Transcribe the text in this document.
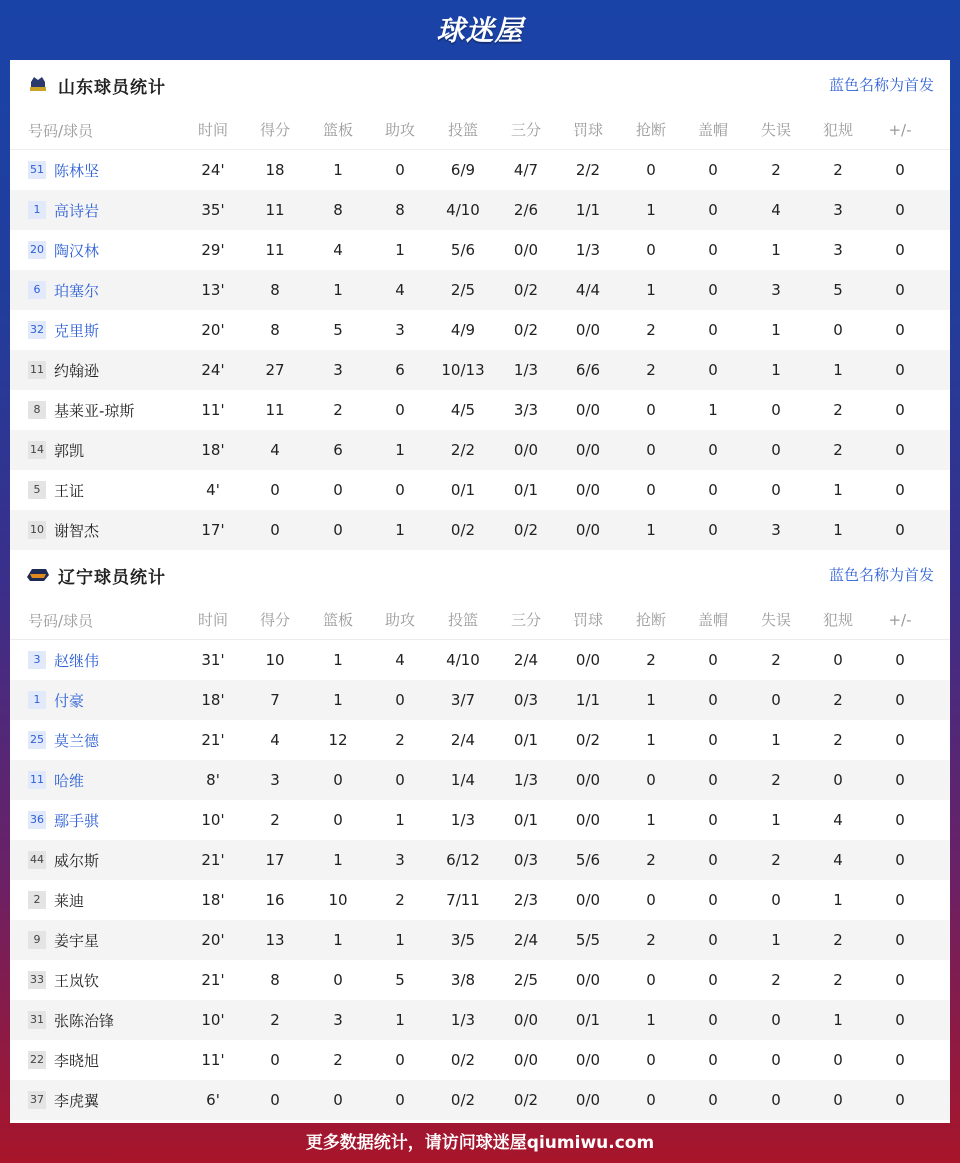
球迷屋
山东球员统计	蓝色名称为首发
号码/球员	时间 得分 篮板 助攻 投篮 三分 罚球 抢断 盖帽 失误 犯规 +/-
51 陈林坚	24'	18	1	0	6/9	4/7	2/2	0	0	2	2	0
1 高诗岩	35'	11	8	8	4/10 2/6	1/1	1	0	4	3	0
20 陶汉林	29'	11	4	1	5/6	0/0	1/3	0	0	1	3	0
6 珀塞尔	13'	8	1	4	2/5	0/2	4/4	1	0	3	5	0
32 克里斯	20'	8	5	3	4/9	0/2	0/0	2	0	1	0	0
11 约翰逊	24'	27	3	6 10/13 1/3	6/6	2	0	1	1	0
8 基莱亚-琼斯	11'	11	2	0	4/5	3/3	0/0	0	1	0	2	0
14 郭凯	18'	4	6	1	2/2	0/0	0/0	0	0	0	2	0
5 王证	4'	0	0	0	0/1	0/1	0/0	0	0	0	1	0
10 谢智杰	17'	0	0	1	0/2	0/2	0/0	1	0	3	1	0
辽宁球员统计	蓝色名称为首发
号码/球员	时间 得分 篮板 助攻 投篮 三分 罚球 抢断 盖帽 失误 犯规 +/-
3 赵继伟	31'	10	1	4	4/10 2/4	0/0	2	0	2	0	0
1 付豪	18'	7	1	0	3/7	0/3	1/1	1	0	0	2	0
25 莫兰德	21'	4	12	2	2/4	0/1	0/2	1	0	1	2	0
11 哈维	8'	3	0	0	1/4	1/3	0/0	0	0	2	0	0
36 鄢手骐	10'	2	0	1	1/3	0/1	0/0	1	0	1	4	0
44 威尔斯	21'	17	1	3	6/12 0/3	5/6	2	0	2	4	0
2 莱迪	18'	16	10	2	7/11 2/3	0/0	0	0	0	1	0
9 姜宇星	20'	13	1	1	3/5	2/4	5/5	2	0	1	2	0
33 王岚钦	21'	8	0	5	3/8	2/5	0/0	0	0	2	2	0
31 张陈治锋	10'	2	3	1	1/3	0/0	0/1	1	0	0	1	0
22 李晓旭	11'	0	2	0	0/2	0/0	0/0	0	0	0	0	0
37 李虎翼	6'	0	0	0	0/2	0/2	0/0	0	0	0	0	0
更多数据统计，请访问球迷屋qiumiwu.com
